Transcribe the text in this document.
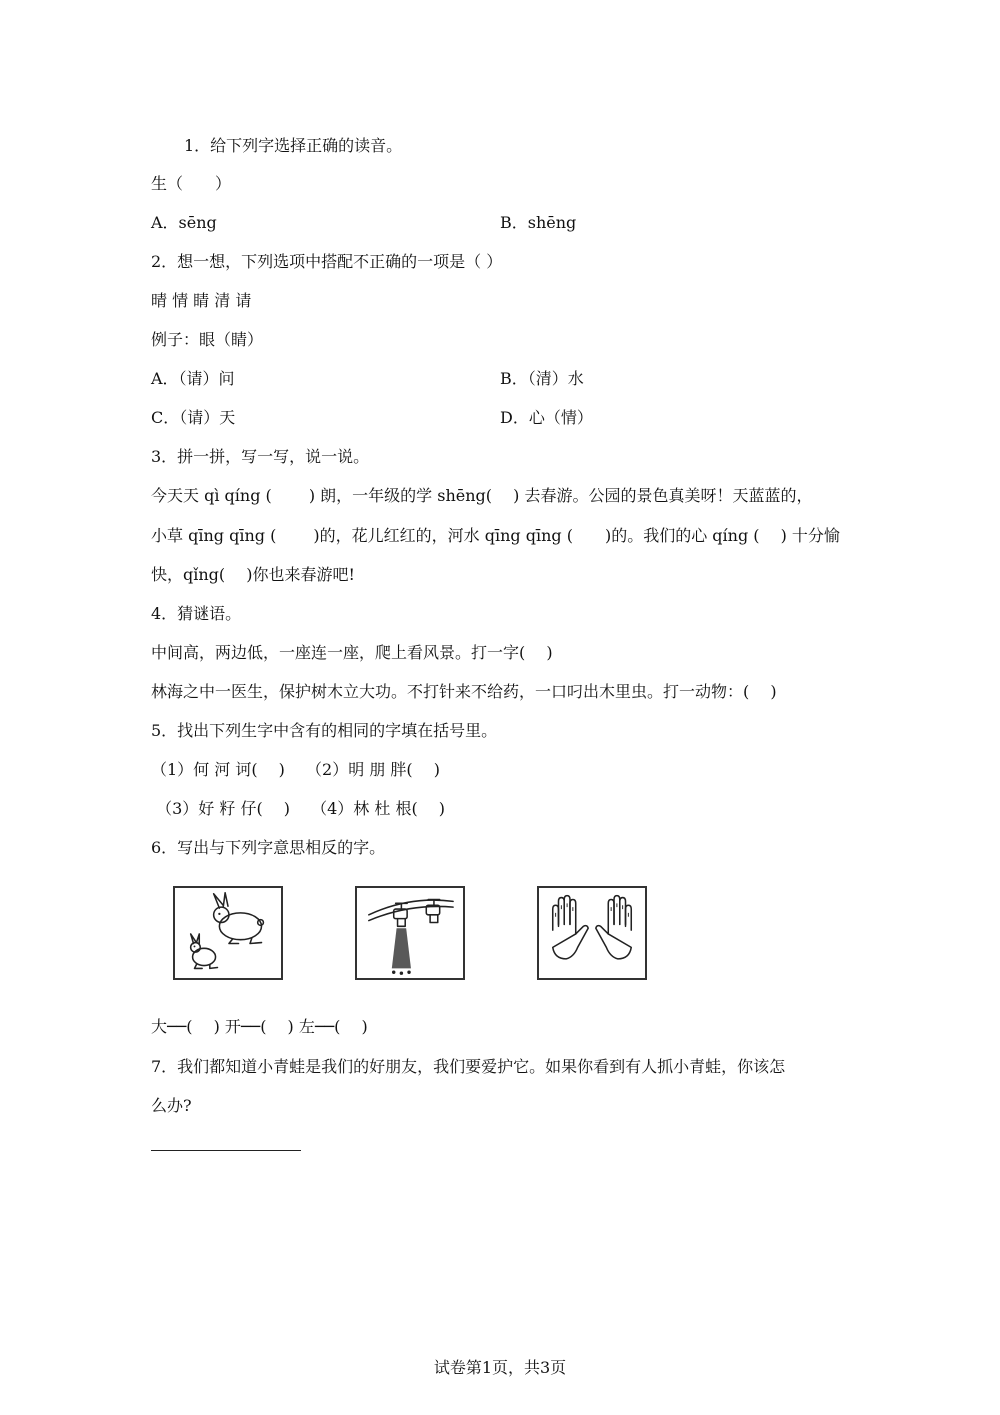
1．给下列字选择正确的读音。

生（　　）

A．sēng	B．shēng

2．想一想，下列选项中搭配不正确的一项是（ ）

晴 情 睛 清 请

例子：眼（睛）

A．（请）问	B．（清）水

C．（请）天	D．心（情）

3．拼一拼，写一写，说一说。

今天天 qì qíng (　　 ) 朗，一年级的学 shēng(　 ) 去春游。公园的景色真美呀！天蓝蓝的，

小草 qīng qīng (　　 )的，花儿红红的，河水 qīng qīng (　　)的。我们的心 qíng (　 ) 十分愉

快，qǐng(　 )你也来春游吧!

4．猜谜语。

中间高，两边低，一座连一座，爬上看风景。打一字(　 )

林海之中一医生，保护树木立大功。不打针来不给药，一口叼出木里虫。打一动物：(　 )

5．找出下列生字中含有的相同的字填在括号里。

（1）何 河 诃(　 )　 （2）明 朋 胖(　 )

（3）好 籽 仔(　 )　 （4）林 杜 根(　 )

6．写出与下列字意思相反的字。

大──(　 ) 开──(　 ) 左──(　 )

7．我们都知道小青蛙是我们的好朋友，我们要爱护它。如果你看到有人抓小青蛙，你该怎

么办?

试卷第1页，共3页
